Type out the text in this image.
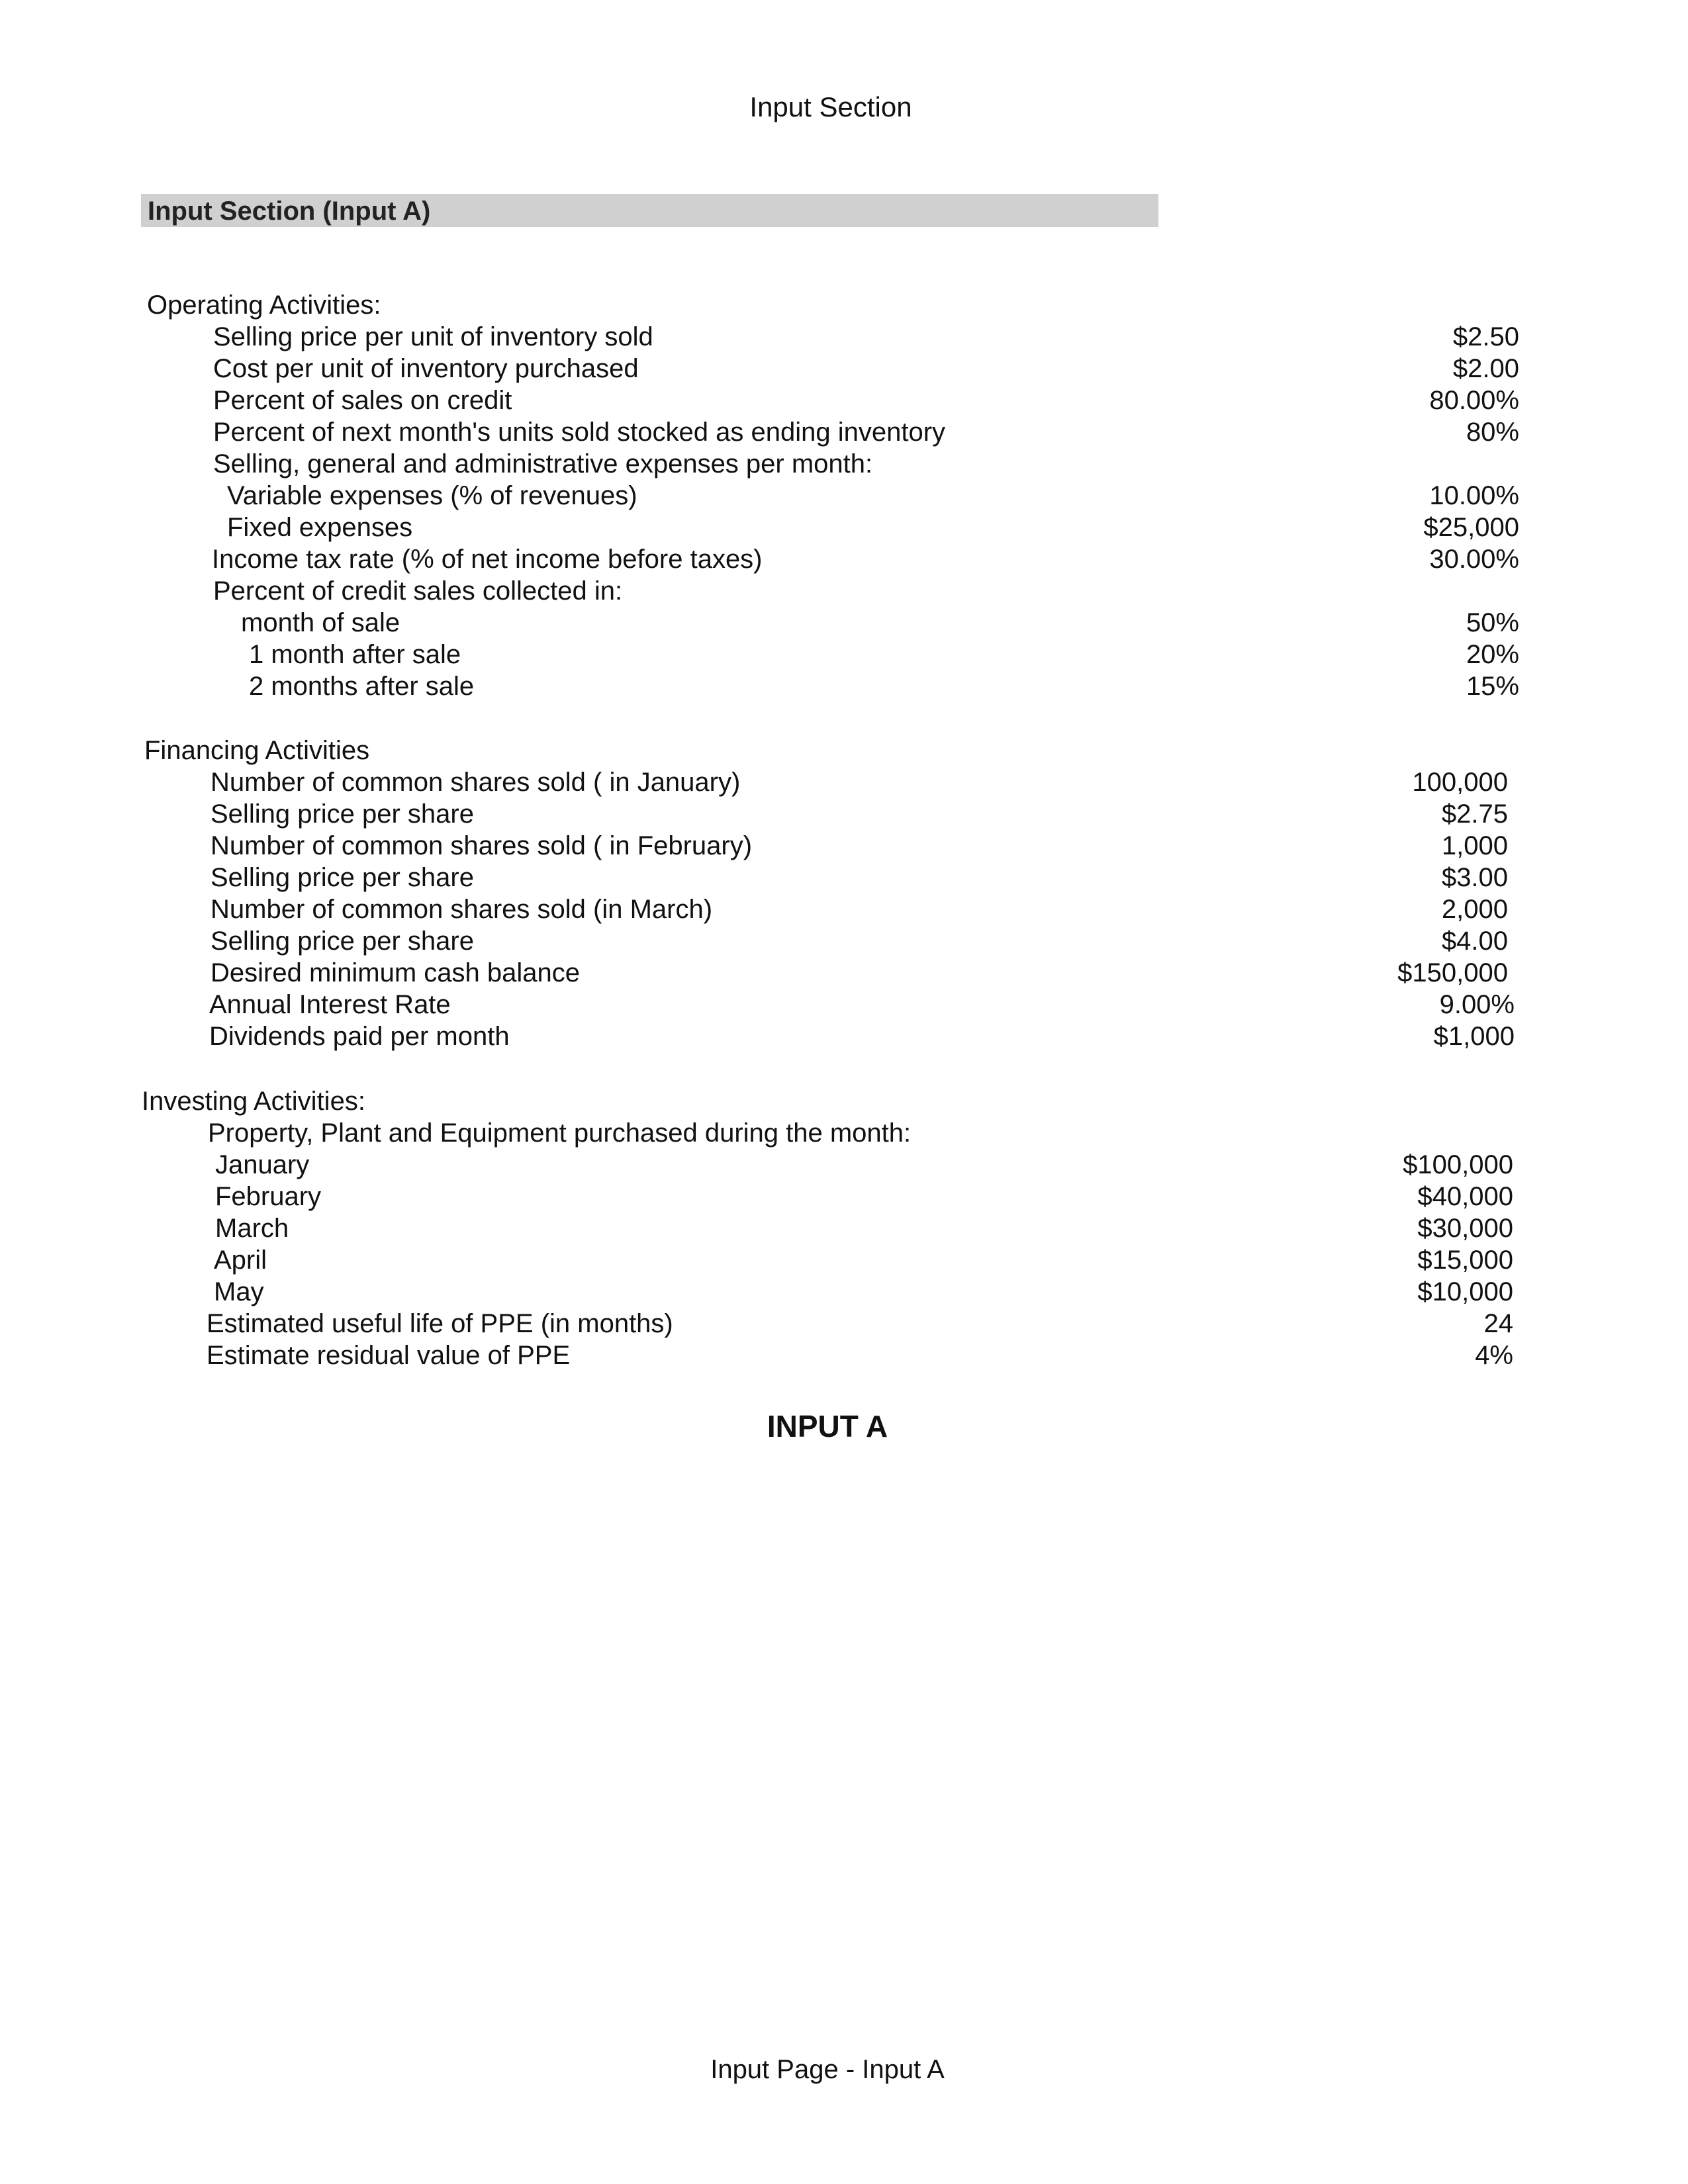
Input Section
Input Section (Input A)
Operating Activities:
Selling price per unit of inventory sold	$2.50
Cost per unit of inventory purchased	$2.00
Percent of sales on credit	80.00%
Percent of next month's units sold stocked as ending inventory	80%
Selling, general and administrative expenses per month:
Variable expenses (% of revenues)	10.00%
Fixed expenses	$25,000
Income tax rate (% of net income before taxes)	30.00%
Percent of credit sales collected in:
month of sale	50%
1 month after sale	20%
2 months after sale	15%
Financing Activities
Number of common shares sold ( in January)	100,000
Selling price per share	$2.75
Number of common shares sold ( in February)	1,000
Selling price per share	$3.00
Number of common shares sold (in March)	2,000
Selling price per share	$4.00
Desired minimum cash balance	$150,000
Annual Interest Rate	9.00%
Dividends paid per month	$1,000
Investing Activities:
Property, Plant and Equipment purchased during the month:
January	$100,000
February	$40,000
March	$30,000
April	$15,000
May	$10,000
Estimated useful life of PPE (in months)	24
Estimate residual value of PPE	4%
INPUT A
Input Page - Input A
